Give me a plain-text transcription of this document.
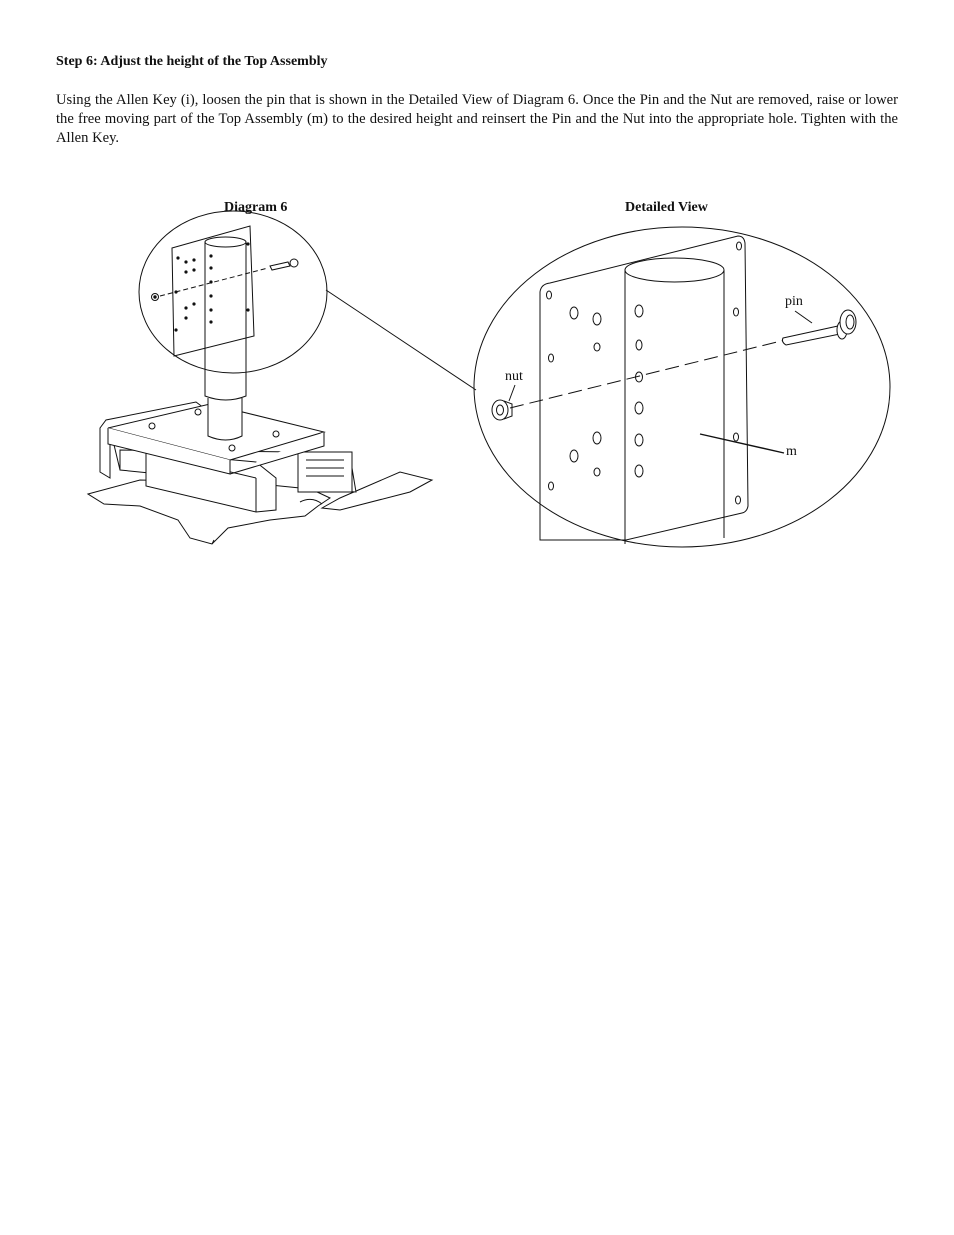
Step 6: Adjust the height of the Top Assembly
Using the Allen Key (i), loosen the pin that is shown in the Detailed View of Diagram 6. Once the Pin and the Nut are removed, raise or lower the free moving part of the Top Assembly (m) to the desired height and reinsert the Pin and the Nut into the appropriate hole. Tighten with the Allen Key.
Diagram 6	Detailed View
pin
nut
m
